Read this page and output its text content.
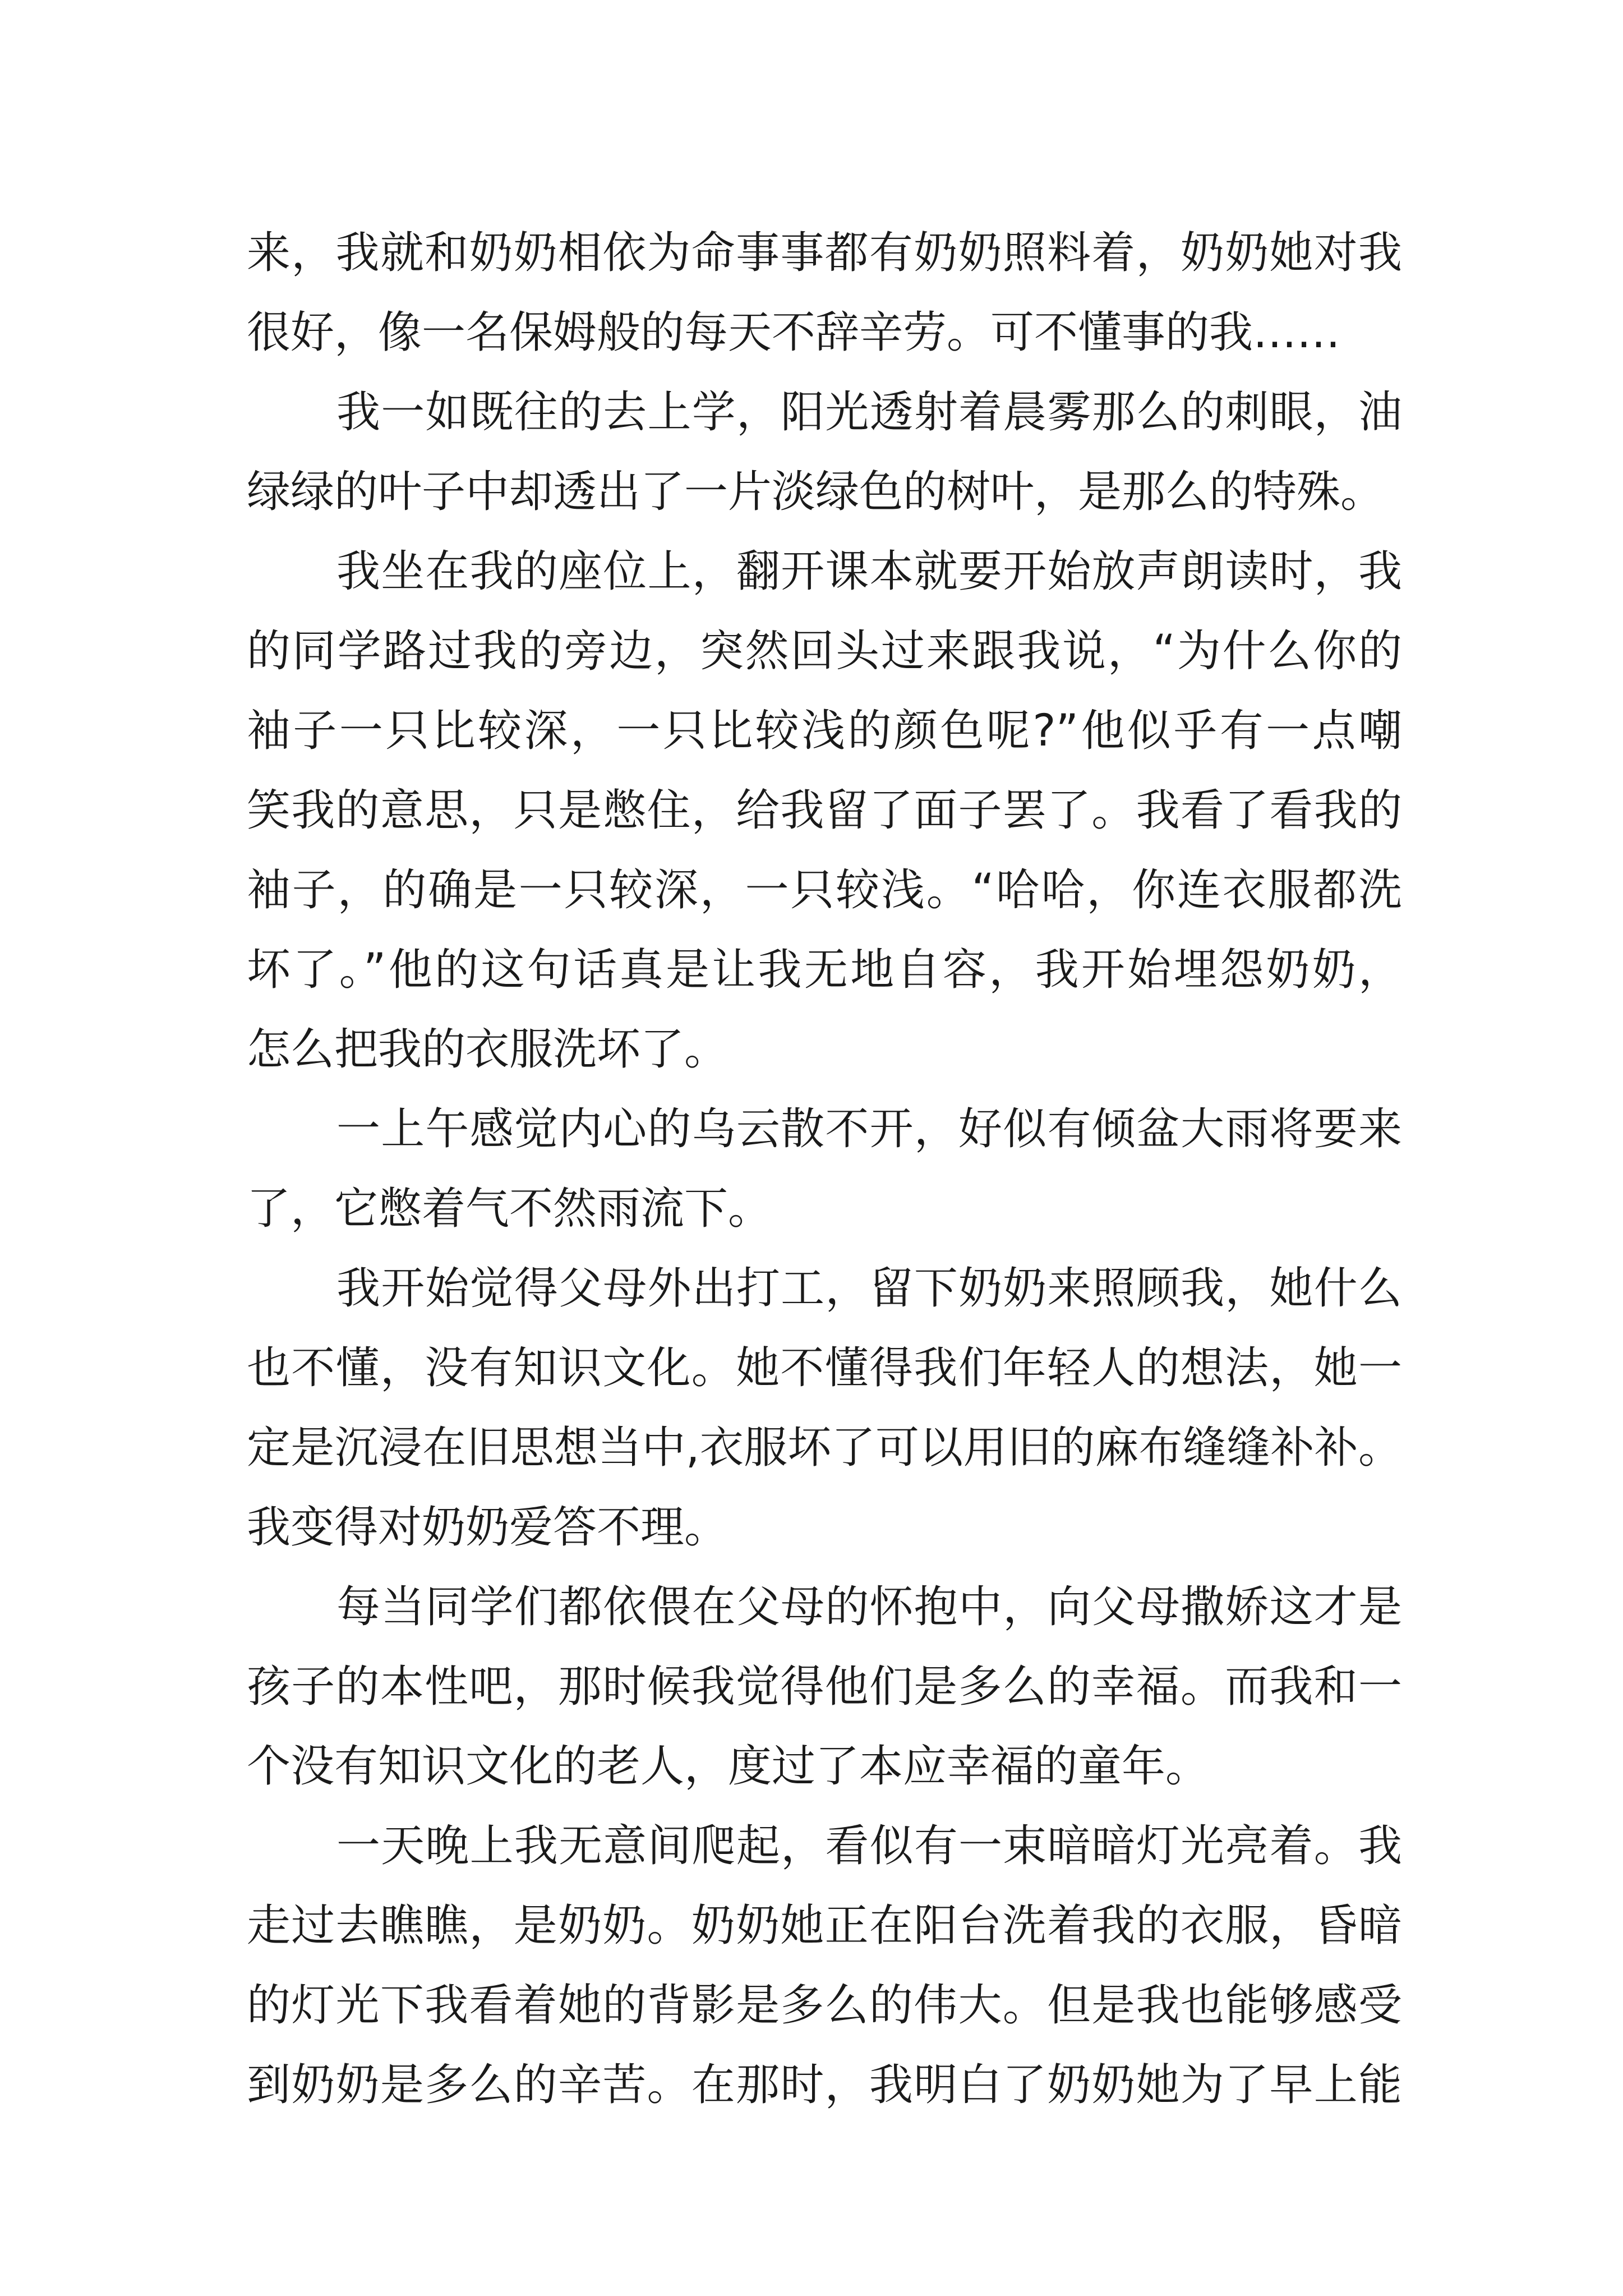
来，我就和奶奶相依为命事事都有奶奶照料着，奶奶她对我
很好，像一名保姆般的每天不辞辛劳。可不懂事的我……
我一如既往的去上学，阳光透射着晨雾那么的刺眼，油
绿绿的叶子中却透出了一片淡绿色的树叶，是那么的特殊。
我坐在我的座位上，翻开课本就要开始放声朗读时，我
的同学路过我的旁边，突然回头过来跟我说，“为什么你的
袖子一只比较深，一只比较浅的颜色呢?”他似乎有一点嘲
笑我的意思，只是憋住，给我留了面子罢了。我看了看我的
袖子，的确是一只较深，一只较浅。“哈哈，你连衣服都洗
坏了。”他的这句话真是让我无地自容，我开始埋怨奶奶，
怎么把我的衣服洗坏了。
一上午感觉内心的乌云散不开，好似有倾盆大雨将要来
了，它憋着气不然雨流下。
我开始觉得父母外出打工，留下奶奶来照顾我，她什么
也不懂，没有知识文化。她不懂得我们年轻人的想法，她一
定是沉浸在旧思想当中,衣服坏了可以用旧的麻布缝缝补补。
我变得对奶奶爱答不理。
每当同学们都依偎在父母的怀抱中，向父母撒娇这才是
孩子的本性吧，那时候我觉得他们是多么的幸福。而我和一
个没有知识文化的老人，度过了本应幸福的童年。
一天晚上我无意间爬起，看似有一束暗暗灯光亮着。我
走过去瞧瞧，是奶奶。奶奶她正在阳台洗着我的衣服，昏暗
的灯光下我看着她的背影是多么的伟大。但是我也能够感受
到奶奶是多么的辛苦。在那时，我明白了奶奶她为了早上能
